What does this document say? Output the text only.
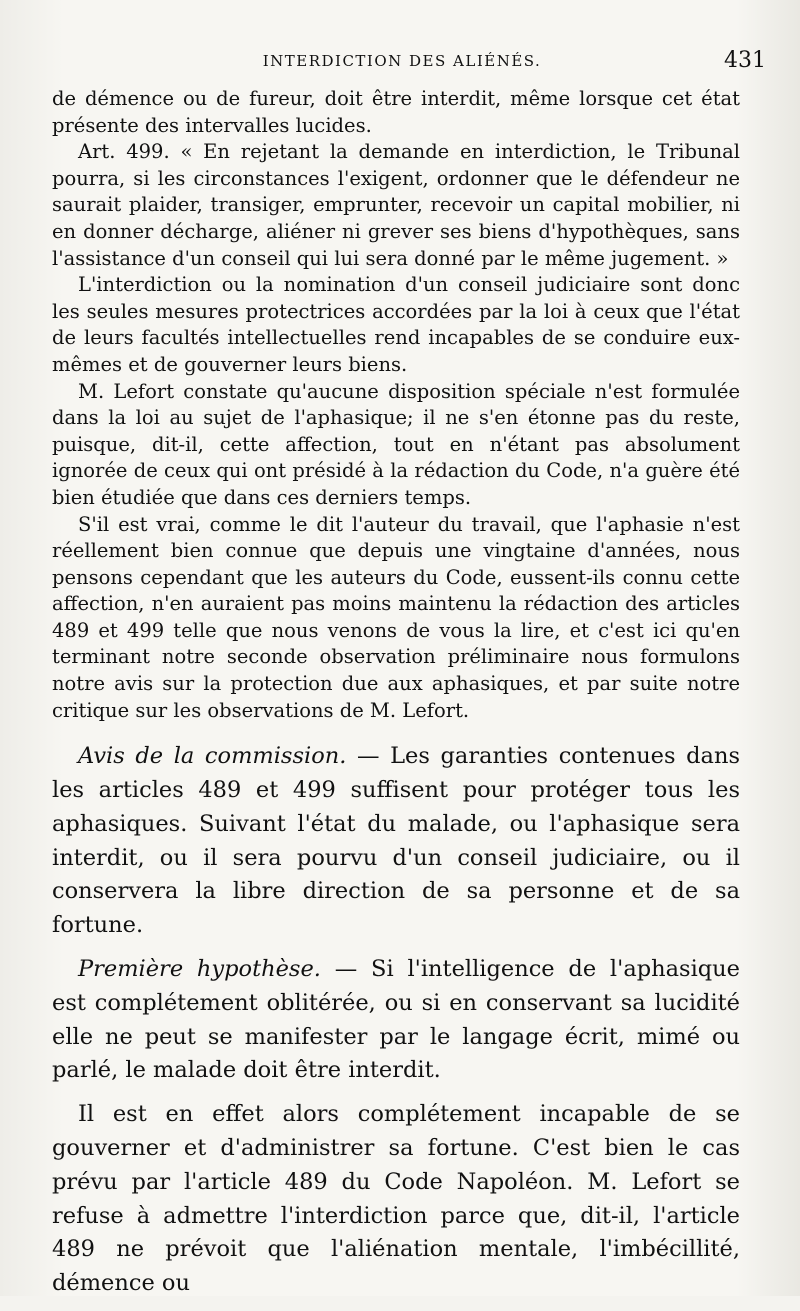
INTERDICTION DES ALIÉNÉS.	431

de démence ou de fureur, doit être interdit, même lorsque cet état présente des intervalles lucides.

Art. 499. « En rejetant la demande en interdiction, le Tribunal pourra, si les circonstances l'exigent, ordonner que le défendeur ne saurait plaider, transiger, emprunter, recevoir un capital mobilier, ni en donner décharge, aliéner ni grever ses biens d'hypothèques, sans l'assistance d'un conseil qui lui sera donné par le même jugement. »

L'interdiction ou la nomination d'un conseil judiciaire sont donc les seules mesures protectrices accordées par la loi à ceux que l'état de leurs facultés intellectuelles rend incapables de se conduire eux-mêmes et de gouverner leurs biens.

M. Lefort constate qu'aucune disposition spéciale n'est formulée dans la loi au sujet de l'aphasique; il ne s'en étonne pas du reste, puisque, dit-il, cette affection, tout en n'étant pas absolument ignorée de ceux qui ont présidé à la rédaction du Code, n'a guère été bien étudiée que dans ces derniers temps.

S'il est vrai, comme le dit l'auteur du travail, que l'aphasie n'est réellement bien connue que depuis une vingtaine d'années, nous pensons cependant que les auteurs du Code, eussent-ils connu cette affection, n'en auraient pas moins maintenu la rédaction des articles 489 et 499 telle que nous venons de vous la lire, et c'est ici qu'en terminant notre seconde observation préliminaire nous formulons notre avis sur la protection due aux aphasiques, et par suite notre critique sur les observations de M. Lefort.

Avis de la commission. — Les garanties contenues dans les articles 489 et 499 suffisent pour protéger tous les aphasiques. Suivant l'état du malade, ou l'aphasique sera interdit, ou il sera pourvu d'un conseil judiciaire, ou il conservera la libre direction de sa personne et de sa fortune.

Première hypothèse. — Si l'intelligence de l'aphasique est complétement oblitérée, ou si en conservant sa lucidité elle ne peut se manifester par le langage écrit, mimé ou parlé, le malade doit être interdit.

Il est en effet alors complétement incapable de se gouverner et d'administrer sa fortune. C'est bien le cas prévu par l'article 489 du Code Napoléon. M. Lefort se refuse à admettre l'interdiction parce que, dit-il, l'article 489 ne prévoit que l'aliénation mentale, l'imbécillité, démence ou
